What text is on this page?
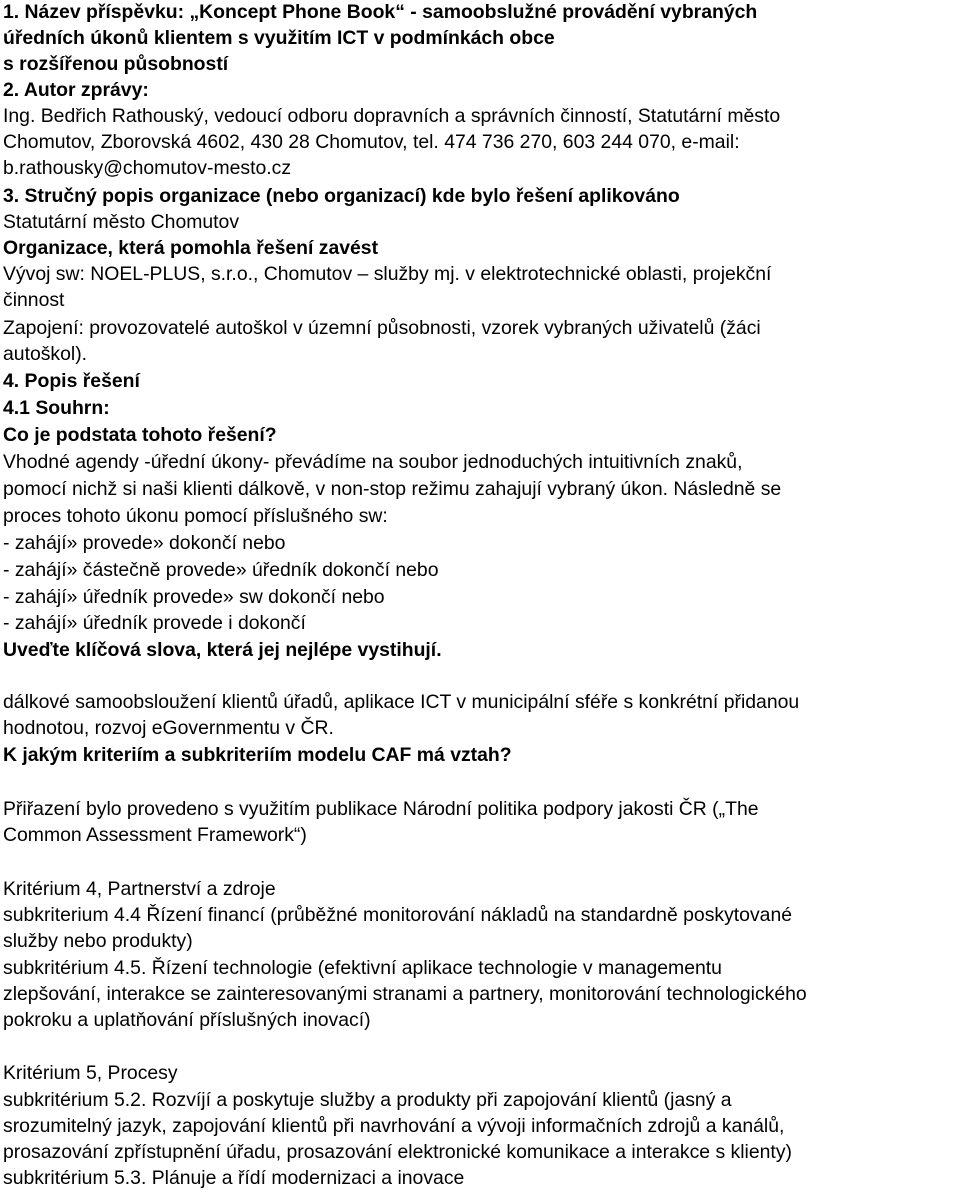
1. Název příspěvku: „Koncept Phone Book“ - samoobslužné provádění vybraných
úředních úkonů klientem s využitím ICT v podmínkách obce
s rozšířenou působností
2. Autor zprávy:
Ing. Bedřich Rathouský, vedoucí odboru dopravních a správních činností, Statutární město
Chomutov, Zborovská 4602, 430 28 Chomutov, tel. 474 736 270, 603 244 070, e-mail:
b.rathousky@chomutov-mesto.cz
3. Stručný popis organizace (nebo organizací) kde bylo řešení aplikováno
Statutární město Chomutov
Organizace, která pomohla řešení zavést
Vývoj sw: NOEL-PLUS, s.r.o., Chomutov – služby mj. v elektrotechnické oblasti, projekční
činnost
Zapojení: provozovatelé autoškol v územní působnosti, vzorek vybraných uživatelů (žáci
autoškol).
4. Popis řešení
4.1 Souhrn:
Co je podstata tohoto řešení?
Vhodné agendy -úřední úkony- převádíme na soubor jednoduchých intuitivních znaků,
pomocí nichž si naši klienti dálkově, v non-stop režimu zahajují vybraný úkon. Následně se
proces tohoto úkonu pomocí příslušného sw:
- zahájí» provede» dokončí nebo
- zahájí» částečně provede» úředník dokončí nebo
- zahájí» úředník provede» sw dokončí nebo
- zahájí» úředník provede i dokončí
Uveďte klíčová slova, která jej nejlépe vystihují.
dálkové samoobsloužení klientů úřadů, aplikace ICT v municipální sféře s konkrétní přidanou
hodnotou, rozvoj eGovernmentu v ČR.
K jakým kriteriím a subkriteriím modelu CAF má vztah?
Přiřazení bylo provedeno s využitím publikace Národní politika podpory jakosti ČR („The
Common Assessment Framework“)
Kritérium 4, Partnerství a zdroje
subkriterium 4.4 Řízení financí (průběžné monitorování nákladů na standardně poskytované
služby nebo produkty)
subkritérium 4.5. Řízení technologie (efektivní aplikace technologie v managementu
zlepšování, interakce se zainteresovanými stranami a partnery, monitorování technologického
pokroku a uplatňování příslušných inovací)
Kritérium 5, Procesy
subkritérium 5.2. Rozvíjí a poskytuje služby a produkty při zapojování klientů (jasný a
srozumitelný jazyk, zapojování klientů při navrhování a vývoji informačních zdrojů a kanálů,
prosazování zpřístupnění úřadu, prosazování elektronické komunikace a interakce s klienty)
subkritérium 5.3. Plánuje a řídí modernizaci a inovace
